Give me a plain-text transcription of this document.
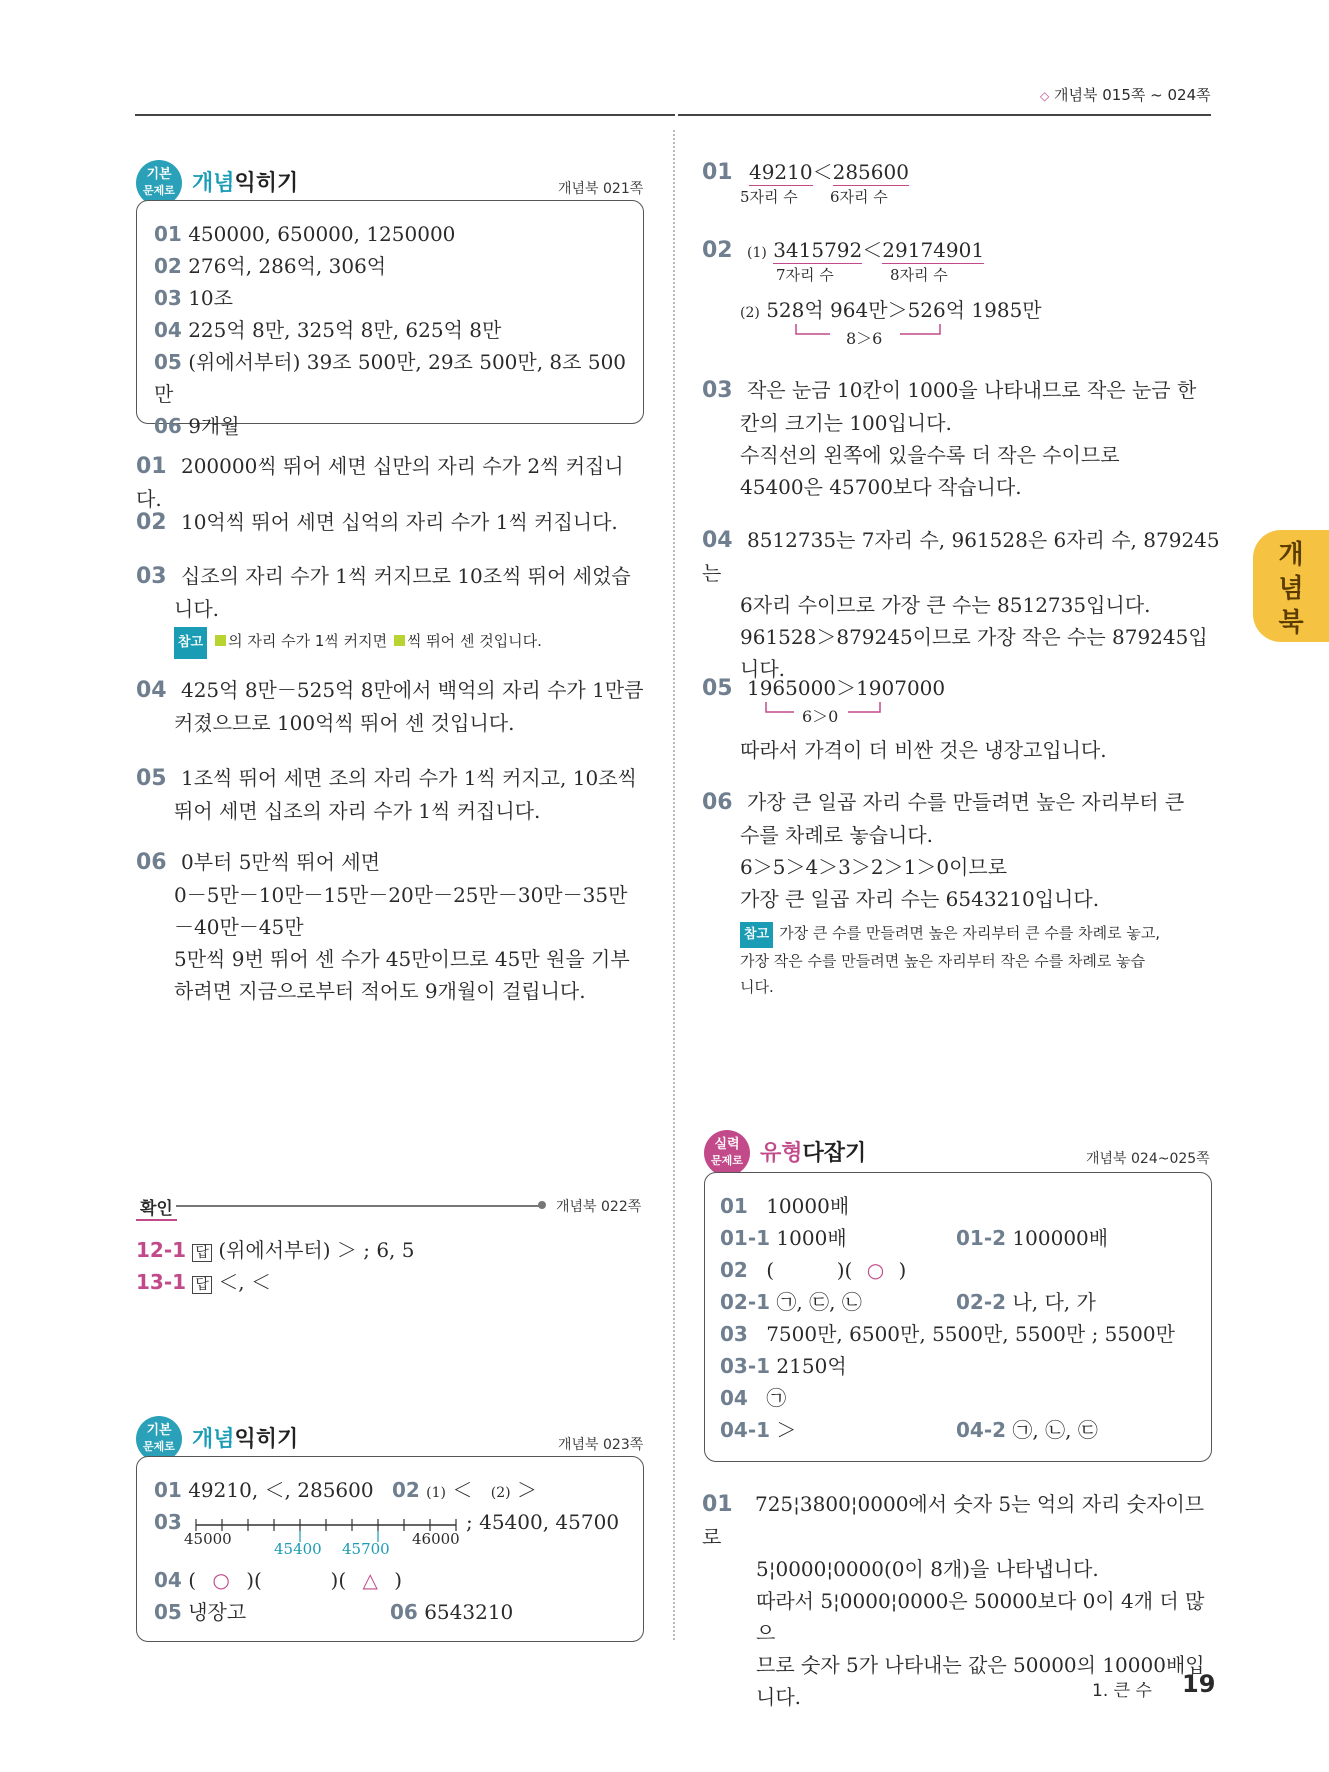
◇ 개념북 015쪽 ~ 024쪽
개
념
북
기본
문제로 개념익히기	개념북 021쪽
01 450000, 650000, 1250000
02 276억, 286억, 306억
03 10조
04 225억 8만, 325억 8만, 625억 8만
05 (위에서부터) 39조 500만, 29조 500만, 8조 500만
06 9개월
01 200000씩 뛰어 세면 십만의 자리 수가 2씩 커집니다.
02 10억씩 뛰어 세면 십억의 자리 수가 1씩 커집니다.
03 십조의 자리 수가 1씩 커지므로 10조씩 뛰어 세었습
니다.
참고 의 자리 수가 1씩 커지면 씩 뛰어 센 것입니다.
04 425억 8만－525억 8만에서 백억의 자리 수가 1만큼
커졌으므로 100억씩 뛰어 센 것입니다.
05 1조씩 뛰어 세면 조의 자리 수가 1씩 커지고, 10조씩
뛰어 세면 십조의 자리 수가 1씩 커집니다.
06 0부터 5만씩 뛰어 세면
0－5만－10만－15만－20만－25만－30만－35만
－40만－45만
5만씩 9번 뛰어 센 수가 45만이므로 45만 원을 기부
하려면 지금으로부터 적어도 9개월이 걸립니다.
확인	개념북 022쪽
12-1 답 (위에서부터) ＞ ; 6, 5
13-1 답 ＜, ＜
기본
문제로 개념익히기	개념북 023쪽
01 49210, ＜, 285600 02 (1) ＜ (2) ＞
03
45000	46000
45400 45700
; 45400, 45700
04 ( ○ )(	)( △ )
05 냉장고	06 6543210
01 49210＜285600
5자리 수 6자리 수
02 (1) 3415792＜29174901
7자리 수	8자리 수
(2) 528억 964만＞526억 1985만
8＞6
03 작은 눈금 10칸이 1000을 나타내므로 작은 눈금 한
칸의 크기는 100입니다.
수직선의 왼쪽에 있을수록 더 작은 수이므로
45400은 45700보다 작습니다.
04 8512735는 7자리 수, 961528은 6자리 수, 879245는
6자리 수이므로 가장 큰 수는 8512735입니다.
961528＞879245이므로 가장 작은 수는 879245입
니다.
05 1965000＞1907000
6＞0
따라서 가격이 더 비싼 것은 냉장고입니다.
06 가장 큰 일곱 자리 수를 만들려면 높은 자리부터 큰
수를 차례로 놓습니다.
6＞5＞4＞3＞2＞1＞0이므로
가장 큰 일곱 자리 수는 6543210입니다.
참고 가장 큰 수를 만들려면 높은 자리부터 큰 수를 차례로 놓고,
가장 작은 수를 만들려면 높은 자리부터 작은 수를 차례로 놓습
니다.
실력
문제로 유형다잡기	개념북 024~025쪽
01 10000배
01-1 1000배	01-2 100000배
02 (	)( ○ )
02-1 ㉠, ㉢, ㉡	02-2 나, 다, 가
03 7500만, 6500만, 5500만, 5500만 ; 5500만
03-1 2150억
04 ㉠
04-1 ＞	04-2 ㉠, ㉡, ㉢
01 725¦3800¦0000에서 숫자 5는 억의 자리 숫자이므로
5¦0000¦0000(0이 8개)을 나타냅니다.
따라서 5¦0000¦0000은 50000보다 0이 4개 더 많으
므로 숫자 5가 나타내는 값은 50000의 10000배입
니다.	1. 큰 수 19
